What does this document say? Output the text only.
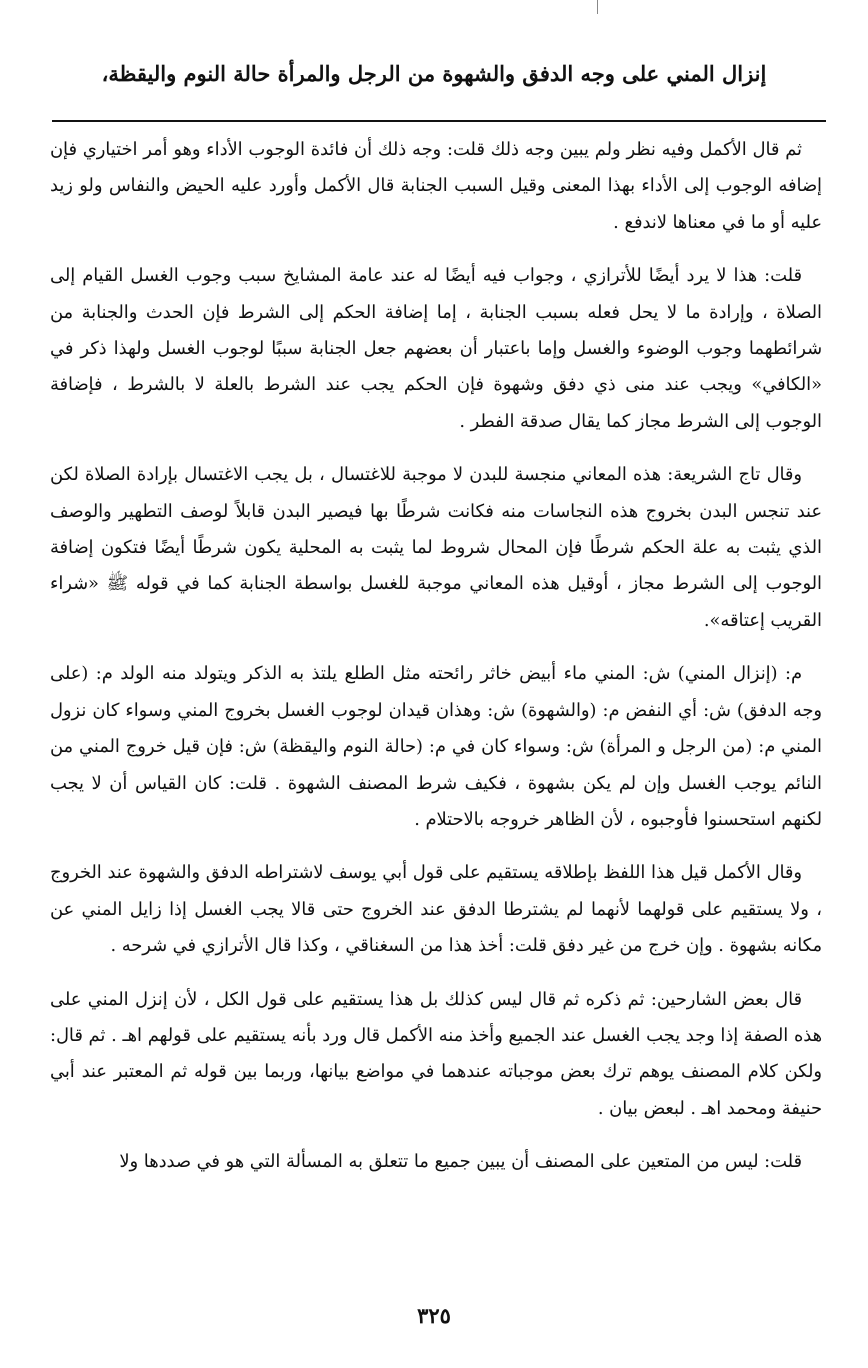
إنزال المني على وجه الدفق والشهوة من الرجل والمرأة حالة النوم واليقظة،

ثم قال الأكمل وفيه نظر ولم يبين وجه ذلك قلت: وجه ذلك أن فائدة الوجوب الأداء وهو أمر اختياري فإن إضافه الوجوب إلى الأداء بهذا المعنى وقيل السبب الجنابة قال الأكمل وأورد عليه الحيض والنفاس ولو زيد عليه أو ما في معناها لاندفع .

قلت: هذا لا يرد أيضًا للأترازي ، وجواب فيه أيضًا له عند عامة المشايخ سبب وجوب الغسل القيام إلى الصلاة ، وإرادة ما لا يحل فعله بسبب الجنابة ، إما إضافة الحكم إلى الشرط فإن الحدث والجنابة من شرائطهما وجوب الوضوء والغسل وإما باعتبار أن بعضهم جعل الجنابة سببًا لوجوب الغسل ولهذا ذكر في «الكافي» ويجب عند منى ذي دفق وشهوة فإن الحكم يجب عند الشرط بالعلة لا بالشرط ، فإضافة الوجوب إلى الشرط مجاز كما يقال صدقة الفطر .

وقال تاج الشريعة: هذه المعاني منجسة للبدن لا موجبة للاغتسال ، بل يجب الاغتسال بإرادة الصلاة لكن عند تنجس البدن بخروج هذه النجاسات منه فكانت شرطًا بها فيصير البدن قابلاً لوصف التطهير والوصف الذي يثبت به علة الحكم شرطًا فإن المحال شروط لما يثبت به المحلية يكون شرطًا أيضًا فتكون إضافة الوجوب إلى الشرط مجاز ، أوقيل هذه المعاني موجبة للغسل بواسطة الجنابة كما في قوله ﷺ «شراء القريب إعتاقه».

م: (إنزال المني) ش: المني ماء أبيض خاثر رائحته مثل الطلع يلتذ به الذكر ويتولد منه الولد م: (على وجه الدفق) ش: أي النفض م: (والشهوة) ش: وهذان قيدان لوجوب الغسل بخروج المني وسواء كان نزول المني م: (من الرجل و المرأة) ش: وسواء كان في م: (حالة النوم واليقظة) ش: فإن قيل خروج المني من النائم يوجب الغسل وإن لم يكن بشهوة ، فكيف شرط المصنف الشهوة . قلت: كان القياس أن لا يجب لكنهم استحسنوا فأوجبوه ، لأن الظاهر خروجه بالاحتلام .

وقال الأكمل قيل هذا اللفظ بإطلاقه يستقيم على قول أبي يوسف لاشتراطه الدفق والشهوة عند الخروج ، ولا يستقيم على قولهما لأنهما لم يشترطا الدفق عند الخروج حتى قالا يجب الغسل إذا زايل المني عن مكانه بشهوة . وإن خرج من غير دفق قلت: أخذ هذا من السغناقي ، وكذا قال الأترازي في شرحه .

قال بعض الشارحين: ثم ذكره ثم قال ليس كذلك بل هذا يستقيم على قول الكل ، لأن إنزل المني على هذه الصفة إذا وجد يجب الغسل عند الجميع وأخذ منه الأكمل قال ورد بأنه يستقيم على قولهم اهـ . ثم قال: ولكن كلام المصنف يوهم ترك بعض موجباته عندهما في مواضع بيانها، وربما بين قوله ثم المعتبر عند أبي حنيفة ومحمد اهـ . لبعض بيان .

قلت: ليس من المتعين على المصنف أن يبين جميع ما تتعلق به المسألة التي هو في صددها ولا

٣٢٥
